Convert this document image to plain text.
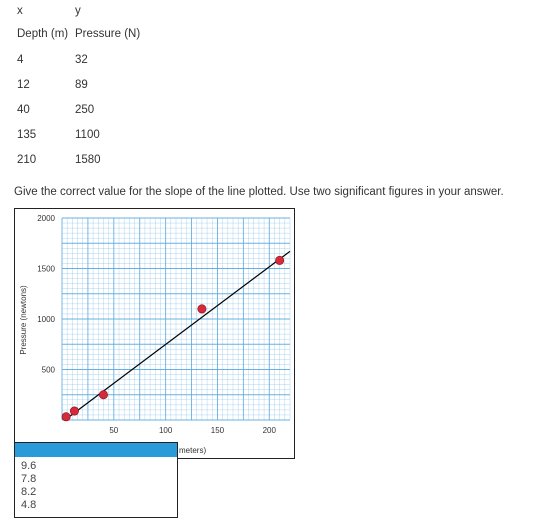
x	y
Depth (m) Pressure (N)
4	32
12	89
40	250
135	1100
210	1580
Give the correct value for the slope of the line plotted. Use two significant figures in your answer.
50	100	150	200
500
1000
1500
2000
Pressure (newtons)
meters)
9.6
7.8
8.2
4.8
